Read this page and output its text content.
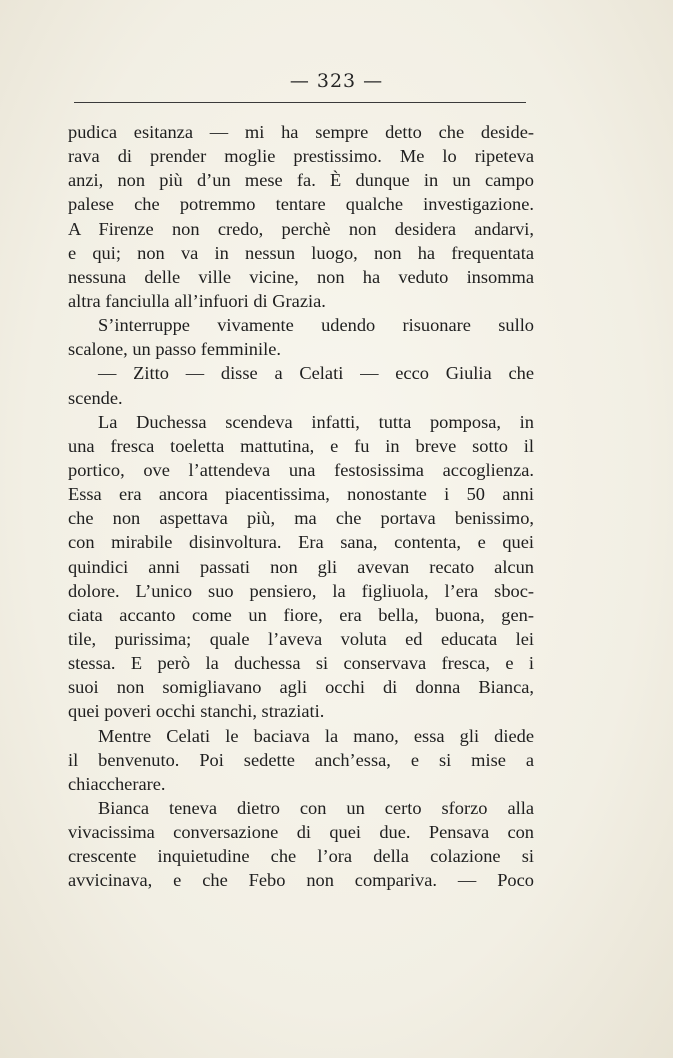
— 323 —
pudica esitanza — mi ha sempre detto che deside-
rava di prender moglie prestissimo. Me lo ripeteva
anzi, non più d’un mese fa. È dunque in un campo
palese che potremmo tentare qualche investigazione.
A Firenze non credo, perchè non desidera andarvi,
e qui; non va in nessun luogo, non ha frequentata
nessuna delle ville vicine, non ha veduto insomma
altra fanciulla all’infuori di Grazia.
S’interruppe vivamente udendo risuonare sullo
scalone, un passo femminile.
— Zitto — disse a Celati — ecco Giulia che
scende.
La Duchessa scendeva infatti, tutta pomposa, in
una fresca toeletta mattutina, e fu in breve sotto il
portico, ove l’attendeva una festosissima accoglienza.
Essa era ancora piacentissima, nonostante i 50 anni
che non aspettava più, ma che portava benissimo,
con mirabile disinvoltura. Era sana, contenta, e quei
quindici anni passati non gli avevan recato alcun
dolore. L’unico suo pensiero, la figliuola, l’era sboc-
ciata accanto come un fiore, era bella, buona, gen-
tile, purissima; quale l’aveva voluta ed educata lei
stessa. E però la duchessa si conservava fresca, e i
suoi non somigliavano agli occhi di donna Bianca,
quei poveri occhi stanchi, straziati.
Mentre Celati le baciava la mano, essa gli diede
il benvenuto. Poi sedette anch’essa, e si mise a
chiaccherare.
Bianca teneva dietro con un certo sforzo alla
vivacissima conversazione di quei due. Pensava con
crescente inquietudine che l’ora della colazione si
avvicinava, e che Febo non compariva. — Poco
